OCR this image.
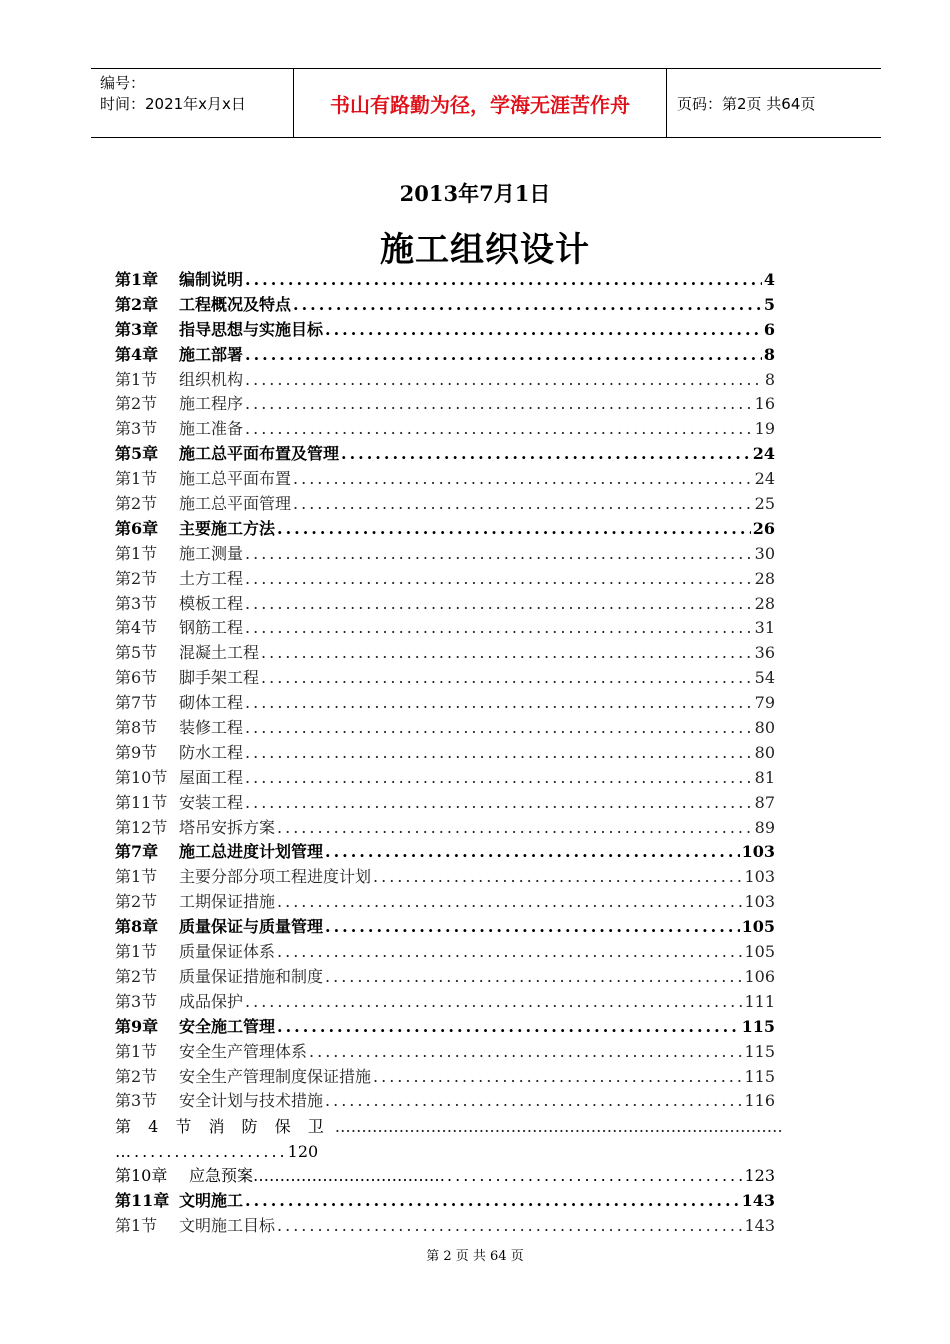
编号：
时间：2021年x月x日	书山有路勤为径，学海无涯苦作舟	页码：第2页 共64页
2013年7月1日
施工组织设计
第1章	编制说明 .....	4
第2章	工程概况及特点 .....	5
第3章	指导思想与实施目标 .....	6
第4章	施工部署 .....	8
第1节	组织机构 .....	8
第2节	施工程序 .....	16
第3节	施工准备 .....	19
第5章	施工总平面布置及管理 .....	24
第1节	施工总平面布置 .....	24
第2节	施工总平面管理 .....	25
第6章	主要施工方法 .....	26
第1节	施工测量 .....	30
第2节	土方工程 .....	28
第3节	模板工程 .....	28
第4节	钢筋工程 .....	31
第5节	混凝土工程 .....	36
第6节	脚手架工程 .....	54
第7节	砌体工程 .....	79
第8节	装修工程 .....	80
第9节	防水工程 .....	80
第10节 屋面工程 .....	81
第11节 安装工程 .....	87
第12节 塔吊安拆方案 .....	89
第7章	施工总进度计划管理 .....	103
第1节	主要分部分项工程进度计划 .....	103
第2节	工期保证措施 .....	103
第8章	质量保证与质量管理 .....	105
第1节	质量保证体系 .....	105
第2节	质量保证措施和制度 .....	106
第3节	成品保护 .....	111
第9章	安全施工管理 .....	115
第1节	安全生产管理体系 .....	115
第2节	安全生产管理制度保证措施 .....	115
第3节	安全计划与技术措施 .....	116
第 4 节 消 防 保 卫 …………………………………………………………………………
…...................120
第10章	应急预案 ……………………………… .....	123
第11章 文明施工 .....	143
第1节	文明施工目标 .....	143
第 2 页 共 64 页
